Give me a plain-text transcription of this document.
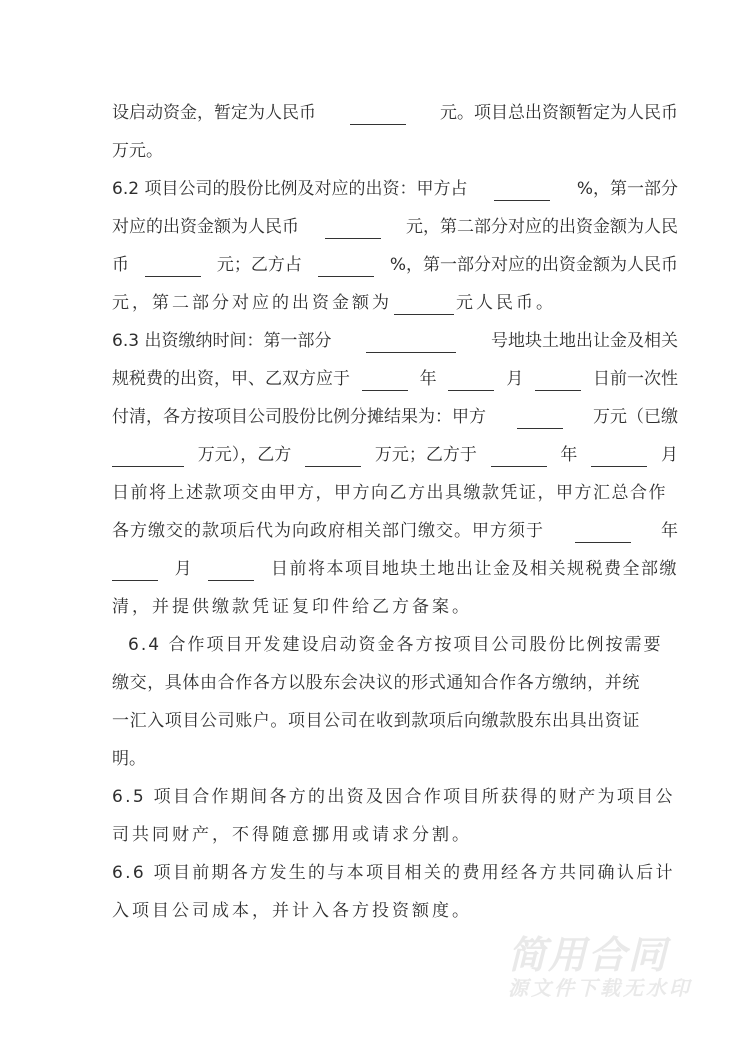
设启动资金，暂定为人民币	元。项目总出资额暂定为人民币
万元。
6.2 项目公司的股份比例及对应的出资：甲方占	%，第一部分
对应的出资金额为人民币	元，第二部分对应的出资金额为人民
币	元；乙方占	%，第一部分对应的出资金额为人民币
元，第二部分对应的出资金额为	元人民币。
6.3 出资缴纳时间：第一部分	号地块土地出让金及相关
规税费的出资，甲、乙双方应于	年	月	日前一次性
付清，各方按项目公司股份比例分摊结果为：甲方	万元（已缴
万元），乙方	万元；乙方于	年	月
日前将上述款项交由甲方，甲方向乙方出具缴款凭证，甲方汇总合作
各方缴交的款项后代为向政府相关部门缴交。甲方须于	年
月	日前将本项目地块土地出让金及相关规税费全部缴
清，并提供缴款凭证复印件给乙方备案。
6.4 合作项目开发建设启动资金各方按项目公司股份比例按需要
缴交，具体由合作各方以股东会决议的形式通知合作各方缴纳，并统
一汇入项目公司账户。项目公司在收到款项后向缴款股东出具出资证
明。
6.5 项目合作期间各方的出资及因合作项目所获得的财产为项目公
司共同财产，不得随意挪用或请求分割。
6.6 项目前期各方发生的与本项目相关的费用经各方共同确认后计
入项目公司成本，并计入各方投资额度。
简用合同
源文件下载无水印
